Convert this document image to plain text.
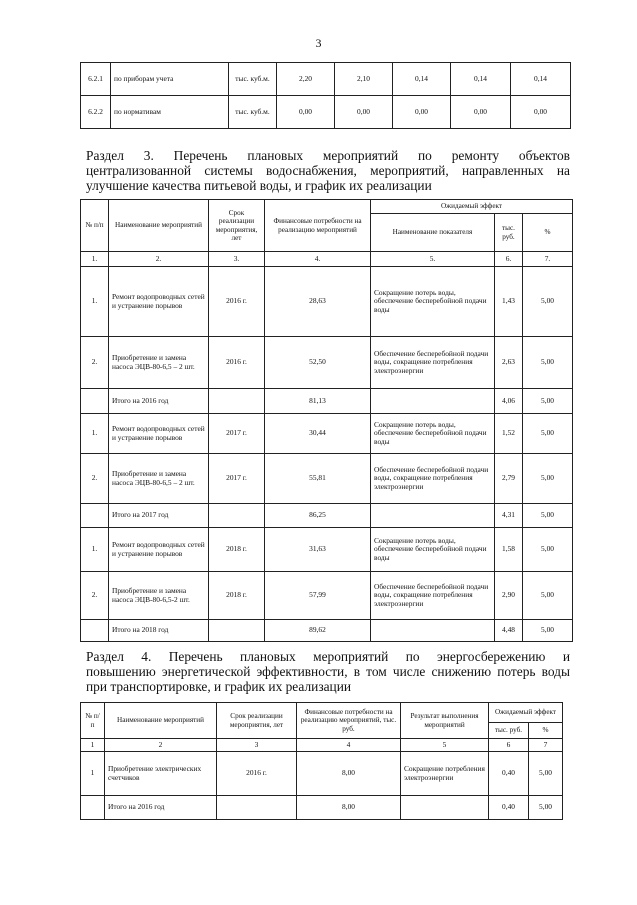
3
6.2.1	по приборам учета	тыс. куб.м.	2,20	2,10	0,14	0,14	0,14
6.2.2	по нормативам	тыс. куб.м.	0,00	0,00	0,00	0,00	0,00
Раздел 3. Перечень плановых мероприятий по ремонту объектов
централизованной системы водоснабжения, мероприятий, направленных на
улучшение качества питьевой воды, и график их реализации
№ п/п	Наименование мероприятий	Срок реализации мероприятия, лет	Финансовые потребности на реализацию мероприятий	Ожидаемый эффект		
				Наименование показателя	тыс. руб.	%
1.	2.	3.	4.	5.	6.	7.
1.	Ремонт водопроводных сетей и устранение порывов	2016 г.	28,63	Сокращение потерь воды, обеспечение бесперебойной подачи воды	1,43	5,00
2.	Приобретение и замена насоса ЭЦВ-80-6,5 – 2 шт.	2016 г.	52,50	Обеспечение бесперебойной подачи воды, сокращение потребления электроэнергии	2,63	5,00
	Итого на 2016 год		81,13		4,06	5,00
1.	Ремонт водопроводных сетей и устранение порывов	2017 г.	30,44	Сокращение потерь воды, обеспечение бесперебойной подачи воды	1,52	5,00
2.	Приобретение и замена насоса ЭЦВ-80-6,5 – 2 шт.	2017 г.	55,81	Обеспечение бесперебойной подачи воды, сокращение потребления электроэнергии	2,79	5,00
	Итого на 2017 год		86,25		4,31	5,00
1.	Ремонт водопроводных сетей и устранение порывов	2018 г.	31,63	Сокращение потерь воды, обеспечение бесперебойной подачи воды	1,58	5,00
2.	Приобретение и замена насоса ЭЦВ-80-6,5-2 шт.	2018 г.	57,99	Обеспечение бесперебойной подачи воды, сокращение потребления электроэнергии	2,90	5,00
	Итого на 2018 год		89,62		4,48	5,00
Раздел 4. Перечень плановых мероприятий по энергосбережению и
повышению энергетической эффективности, в том числе снижению потерь воды
при транспортировке, и график их реализации
№ п/п	Наименование мероприятий	Срок реализации мероприятия, лет	Финансовые потребности на реализацию мероприятий, тыс. руб.	Результат выполнения мероприятий	Ожидаемый эффект	
					тыс. руб.	%
1	2	3	4	5	6	7
1	Приобретение электрических счетчиков	2016 г.	8,00	Сокращение потребления электроэнергии	0,40	5,00
	Итого на 2016 год		8,00		0,40	5,00
